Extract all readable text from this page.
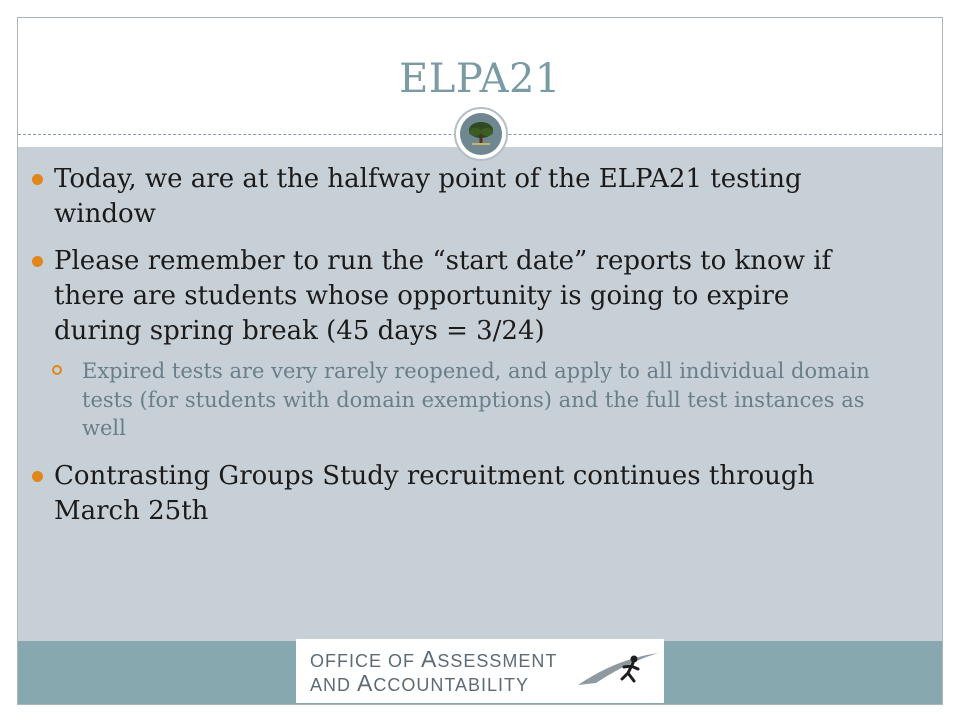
ELPA21
OFFICE OF ASSESSMENT
AND ACCOUNTABILITY
Today, we are at the halfway point of the ELPA21 testing window
Please remember to run the “start date” reports to know if there are students whose opportunity is going to expire during spring break (45 days = 3/24)
Expired tests are very rarely reopened, and apply to all individual domain tests (for students with domain exemptions) and the full test instances as well
Contrasting Groups Study recruitment continues through March 25th
